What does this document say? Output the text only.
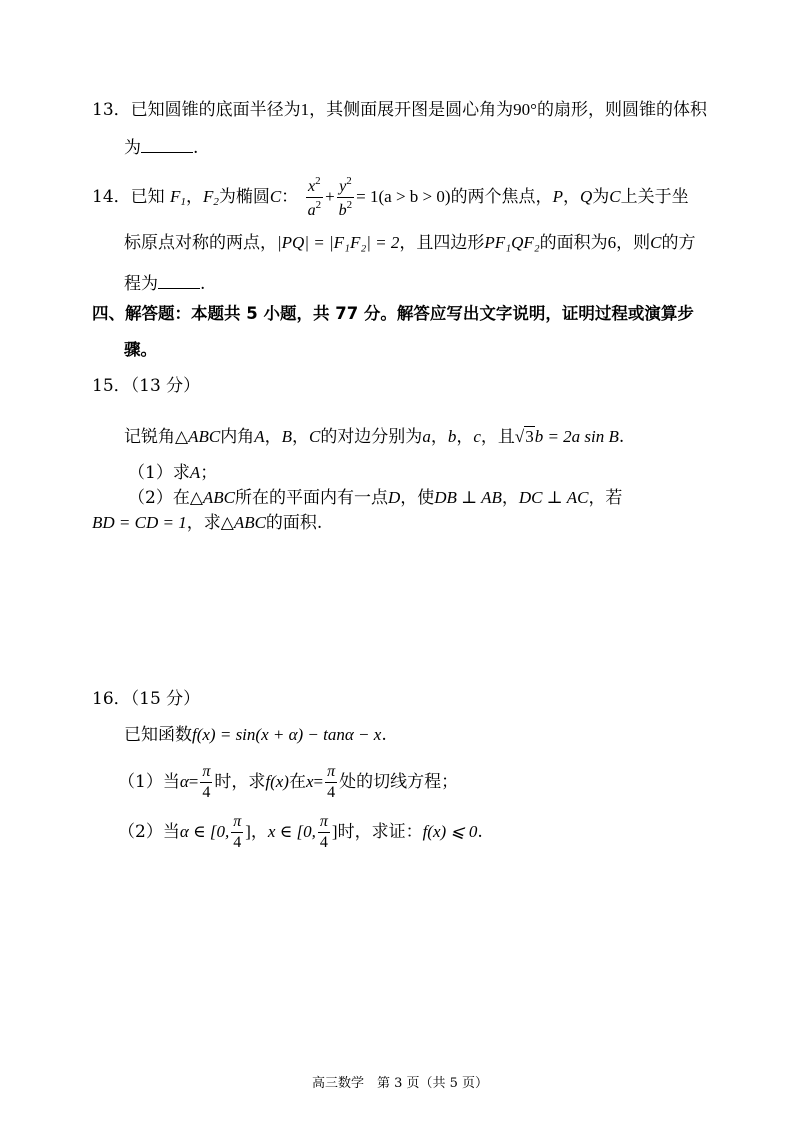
13．已知圆锥的底面半径为1，其侧面展开图是圆心角为90°的扇形，则圆锥的体积
为	.
14．已知 $F_1$，$F_2$为椭圆C： $\frac{x^2}{a^2} + \frac{y^2}{b^2} = 1(a > b > 0)$的两个焦点，P，Q为C上关于坐
标原点对称的两点，|PQ| = |F₁F₂| = 2，且四边形PF₁QF₂的面积为6，则C的方
程为 .
四、解答题：本题共 5 小题，共 77 分。解答应写出文字说明，证明过程或演算步
骤。
15．（13 分）
记锐角△ABC内角A，B，C的对边分别为a，b，c，且√3b = 2a sin B.
（1）求A；
（2）在△ABC所在的平面内有一点D，使DB ⊥ AB，DC ⊥ AC，若
BD = CD = 1，求△ABC的面积.
16．（15 分）
已知函数f(x) = sin(x + α) − tanα − x.
（1）当$\alpha= \frac{\pi}{4}$ 时，求f(x)在$x= \frac{\pi}{4}$ 处的切线方程；
（2）当α ∈ [0, $\frac{\pi}{4}$ ]，x ∈ [0, $\frac{\pi}{4}$ ]时，求证：f(x) ⩽ 0.
高三数学　第 3 页（共 5 页）
